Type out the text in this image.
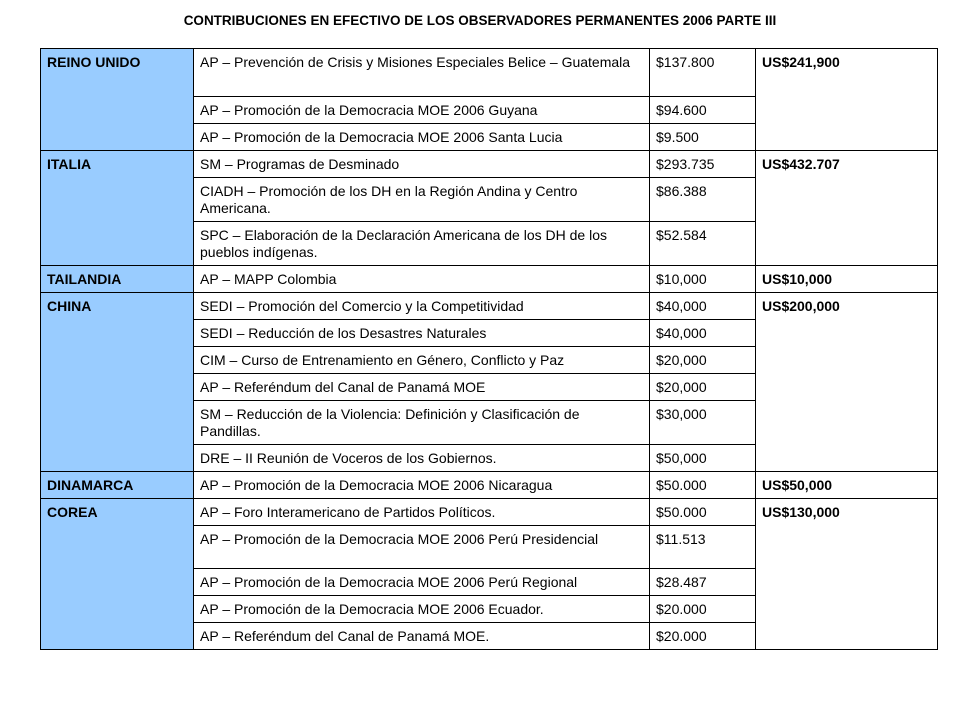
CONTRIBUCIONES EN EFECTIVO DE LOS OBSERVADORES PERMANENTES 2006 PARTE III
REINO UNIDO	AP – Prevención de Crisis y Misiones Especiales Belice – Guatemala	$137.800	US$241,900
	AP – Promoción de la Democracia MOE 2006 Guyana	$94.600	
	AP – Promoción de la Democracia MOE 2006 Santa Lucia	$9.500	
ITALIA	SM – Programas de Desminado	$293.735	US$432.707
	CIADH – Promoción de los DH en la Región Andina y Centro Americana.	$86.388	
	SPC – Elaboración de la Declaración Americana de los DH de los pueblos indígenas.	$52.584	
TAILANDIA	AP – MAPP Colombia	$10,000	US$10,000
CHINA	SEDI – Promoción del Comercio y la Competitividad	$40,000	US$200,000
	SEDI – Reducción de los Desastres Naturales	$40,000	
	CIM – Curso de Entrenamiento en Género, Conflicto y Paz	$20,000	
	AP – Referéndum del Canal de Panamá MOE	$20,000	
	SM – Reducción de la Violencia: Definición y Clasificación de Pandillas.	$30,000	
	DRE – II Reunión de Voceros de los Gobiernos.	$50,000	
DINAMARCA	AP – Promoción de la Democracia MOE 2006 Nicaragua	$50.000	US$50,000
COREA	AP – Foro Interamericano de Partidos Políticos.	$50.000	US$130,000
	AP – Promoción de la Democracia MOE 2006 Perú Presidencial	$11.513	
	AP – Promoción de la Democracia MOE 2006 Perú Regional	$28.487	
	AP – Promoción de la Democracia MOE 2006 Ecuador.	$20.000	
	AP – Referéndum del Canal de Panamá MOE.	$20.000	
